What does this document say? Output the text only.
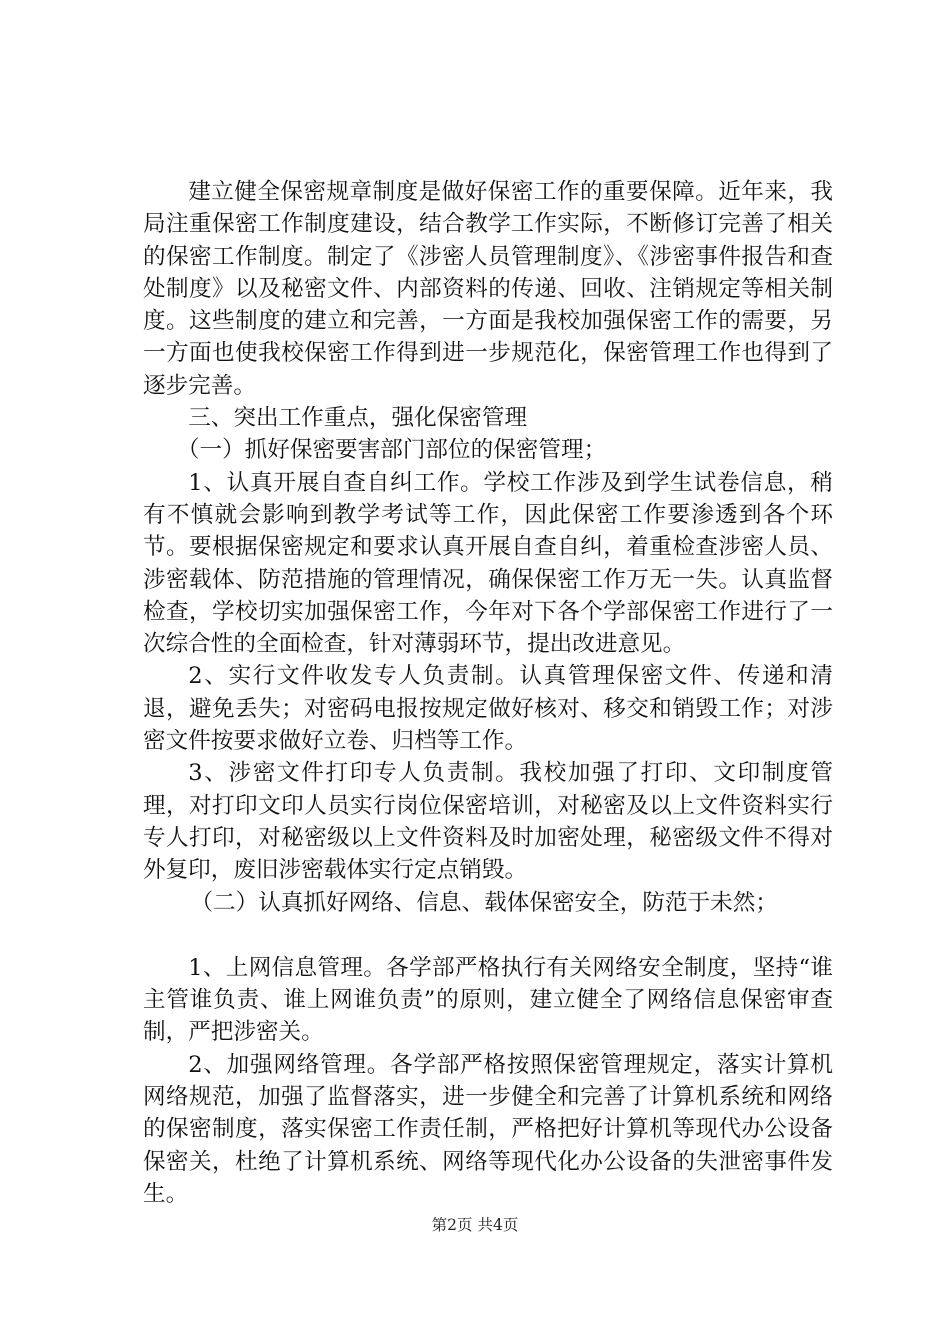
建立健全保密规章制度是做好保密工作的重要保障。近年来，我局注重保密工作制度建设，结合教学工作实际，不断修订完善了相关的保密工作制度。制定了《涉密人员管理制度》、《涉密事件报告和查处制度》以及秘密文件、内部资料的传递、回收、注销规定等相关制度。这些制度的建立和完善，一方面是我校加强保密工作的需要，另一方面也使我校保密工作得到进一步规范化，保密管理工作也得到了逐步完善。

三、突出工作重点，强化保密管理

（一）抓好保密要害部门部位的保密管理；

1、认真开展自查自纠工作。学校工作涉及到学生试卷信息，稍有不慎就会影响到教学考试等工作，因此保密工作要渗透到各个环节。要根据保密规定和要求认真开展自查自纠，着重检查涉密人员、涉密载体、防范措施的管理情况，确保保密工作万无一失。认真监督检查，学校切实加强保密工作，今年对下各个学部保密工作进行了一次综合性的全面检查，针对薄弱环节，提出改进意见。

2、实行文件收发专人负责制。认真管理保密文件、传递和清退，避免丢失；对密码电报按规定做好核对、移交和销毁工作；对涉密文件按要求做好立卷、归档等工作。

3、涉密文件打印专人负责制。我校加强了打印、文印制度管理，对打印文印人员实行岗位保密培训，对秘密及以上文件资料实行专人打印，对秘密级以上文件资料及时加密处理，秘密级文件不得对外复印，废旧涉密载体实行定点销毁。

（二）认真抓好网络、信息、载体保密安全，防范于未然；

1、上网信息管理。各学部严格执行有关网络安全制度，坚持“谁主管谁负责、谁上网谁负责”的原则，建立健全了网络信息保密审查制，严把涉密关。

2、加强网络管理。各学部严格按照保密管理规定，落实计算机网络规范，加强了监督落实，进一步健全和完善了计算机系统和网络的保密制度，落实保密工作责任制，严格把好计算机等现代办公设备保密关，杜绝了计算机系统、网络等现代化办公设备的失泄密事件发生。

第2页 共4页
